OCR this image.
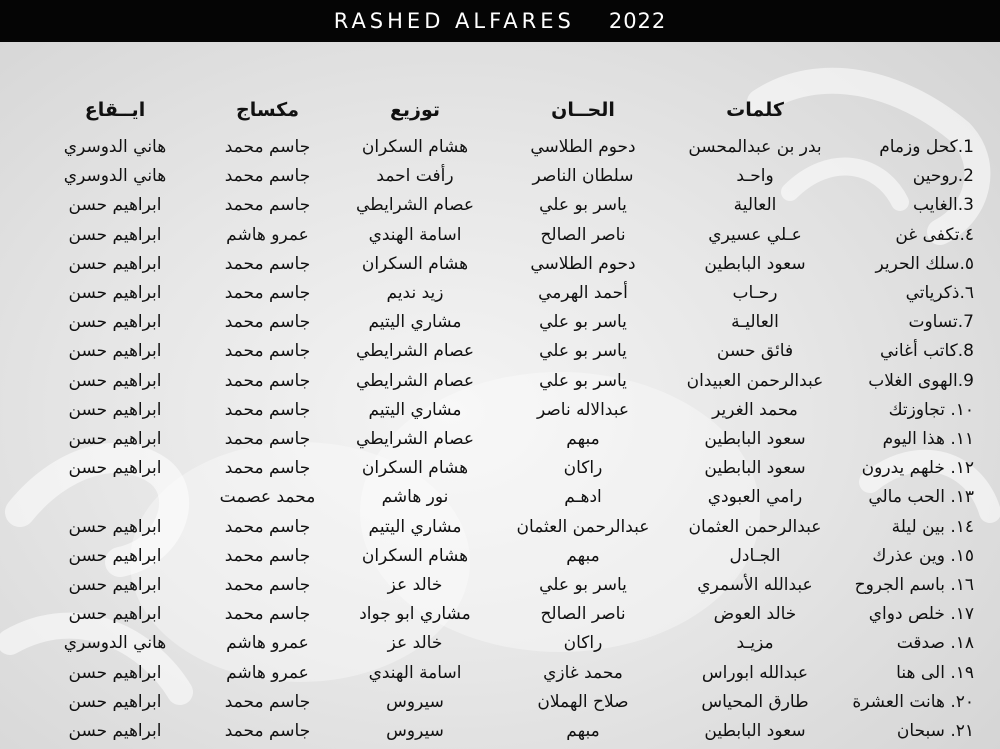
RASHED ALFARES 2022
كلمات
الحــان
توزيع
مكساج
ايــقاع
1.كحل وزمام
بدر بن عبدالمحسن
دحوم الطلاسي
هشام السكران
جاسم محمد
هاني الدوسري
2.روحين
واحـد
سلطان الناصر
رأفت احمد
جاسم محمد
هاني الدوسري
3.الغايب
العالية
ياسر بو علي
عصام الشرايطي
جاسم محمد
ابراهيم حسن
٤.تكفى غن
عـلي عسيري
ناصر الصالح
اسامة الهندي
عمرو هاشم
ابراهيم حسن
٥.سلك الحرير
سعود البابطين
دحوم الطلاسي
هشام السكران
جاسم محمد
ابراهيم حسن
٦.ذكرياتي
رحـاب
أحمد الهرمي
زيد نديم
جاسم محمد
ابراهيم حسن
7.تساوت
العاليـة
ياسر بو علي
مشاري اليتيم
جاسم محمد
ابراهيم حسن
8.كاتب أغاني
فائق حسن
ياسر بو علي
عصام الشرايطي
جاسم محمد
ابراهيم حسن
9.الهوى الغلاب
عبدالرحمن العبيدان
ياسر بو علي
عصام الشرايطي
جاسم محمد
ابراهيم حسن
١٠. تجاوزتك
محمد الغرير
عبدالاله ناصر
مشاري اليتيم
جاسم محمد
ابراهيم حسن
١١. هذا اليوم
سعود البابطين
مبهم
عصام الشرايطي
جاسم محمد
ابراهيم حسن
١٢. خلهم يدرون
سعود البابطين
راكان
هشام السكران
جاسم محمد
ابراهيم حسن
١٣. الحب مالي
رامي العبودي
ادهـم
نور هاشم
محمد عصمت
١٤. بين ليلة
عبدالرحمن العثمان
عبدالرحمن العثمان
مشاري اليتيم
جاسم محمد
ابراهيم حسن
١٥. وين عذرك
الجـادل
مبهم
هشام السكران
جاسم محمد
ابراهيم حسن
١٦. باسم الجروح
عبدالله الأسمري
ياسر بو علي
خالد عز
جاسم محمد
ابراهيم حسن
١٧. خلص دواي
خالد العوض
ناصر الصالح
مشاري ابو جواد
جاسم محمد
ابراهيم حسن
١٨. صدقت
مزيـد
راكان
خالد عز
عمرو هاشم
هاني الدوسري
١٩. الى هنا
عبدالله ابوراس
محمد غازي
اسامة الهندي
عمرو هاشم
ابراهيم حسن
٢٠. هانت العشرة
طارق المحياس
صلاح الهملان
سيروس
جاسم محمد
ابراهيم حسن
٢١. سبحان
سعود البابطين
مبهم
سيروس
جاسم محمد
ابراهيم حسن
